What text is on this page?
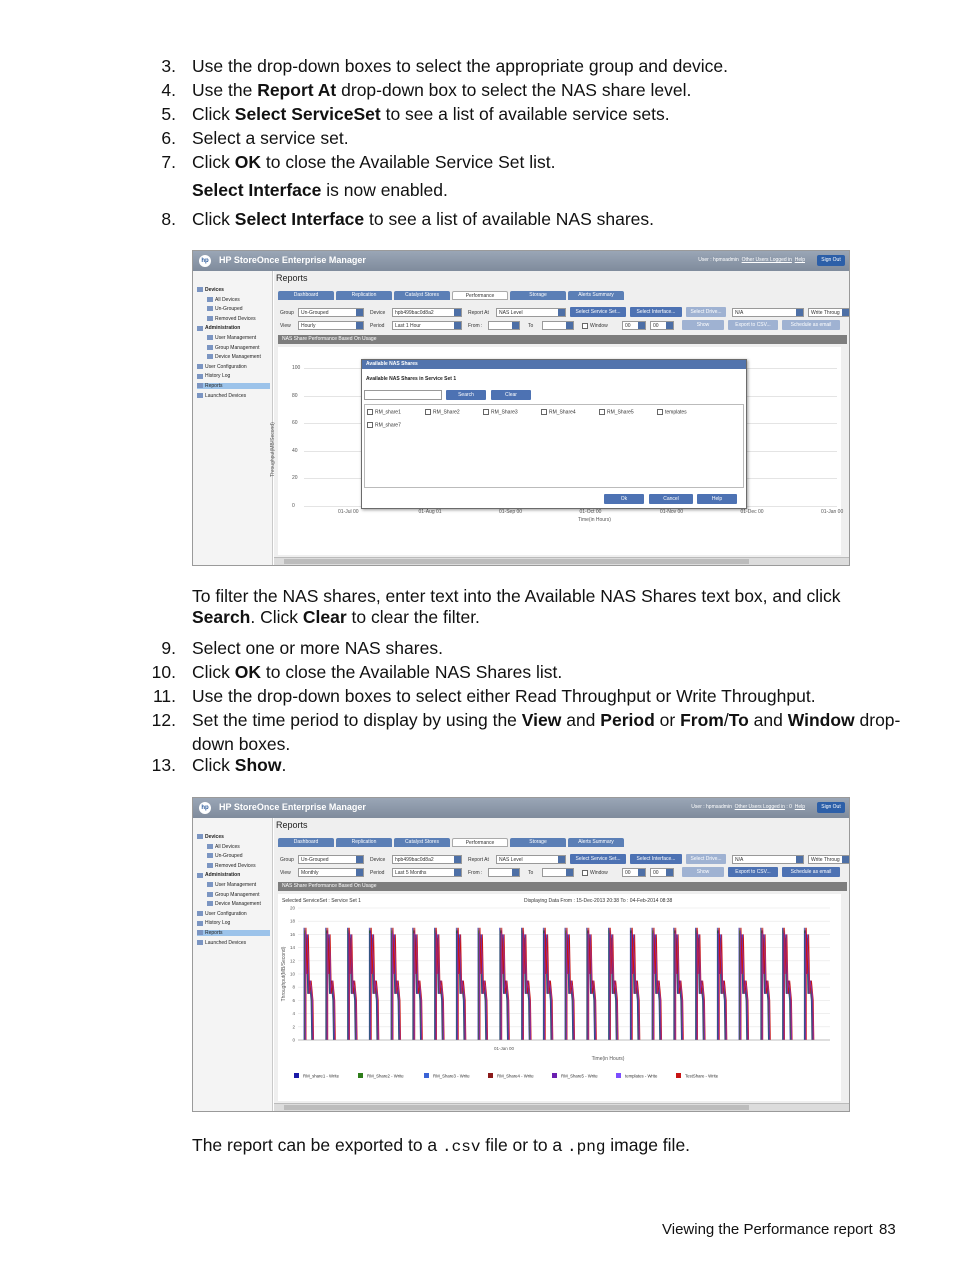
3. Use the drop-down boxes to select the appropriate group and device.
4. Use the Report At drop-down box to select the NAS share level.
5. Click Select ServiceSet to see a list of available service sets.
6. Select a service set.
7. Click OK to close the Available Service Set list.
Select Interface is now enabled.
8. Click Select Interface to see a list of available NAS shares.
To filter the NAS shares, enter text into the Available NAS Shares text box, and click Search. Click Clear to clear the filter.
9. Select one or more NAS shares.
10. Click OK to close the Available NAS Shares list.
11. Use the drop-down boxes to select either Read Throughput or Write Throughput.
12. Set the time period to display by using the View and Period or From/To and Window drop-down boxes.
13. Click Show.
The report can be exported to a .csv file or to a .png image file.
hp HP StoreOnce Enterprise Manager	User : hpmsadmin Other Users Logged in Help	Sign Out
Devices
All Devices
Un-Grouped
Removed Devices
Administration
User Management
Group Management
Device Management
User Configuration
History Log
Reports
Launched Devices
Reports
Dashboard	Replication	Catalyst Stores	Performance	Storage	Alerts Summary
Group	Un-Grouped	Device	hpb499bac0d8a2	Report At	NAS Level	Select Service Set...	Select Interface...	Select Drive...	N/A	Write Throug
View	Hourly	Period	Last 1 Hour	From :	To	Window	00	00	Show	Export to CSV...	Schedule as email
NAS Share Performance Based On Usage
Throughput(MB/Second)
100
80
60
40
20
0
01-Jul 00	01-Aug 01	01-Sep 00	01-Oct 00	01-Nov 00	01-Dec 00	01-Jan 00
Time(in Hours)
Available NAS Shares
Available NAS Shares in Service Set 1
Search	Clear
RM_share1	RM_Share2	RM_Share3	RM_Share4	RM_Share5	templates
RM_share7
Ok	Cancel	Help
hp HP StoreOnce Enterprise Manager	User : hpmsadmin Other Users Logged in : 0 Help	Sign Out
Devices
All Devices
Un-Grouped
Removed Devices
Administration
User Management
Group Management
Device Management
User Configuration
History Log
Reports
Launched Devices
Reports
Dashboard	Replication	Catalyst Stores	Performance	Storage	Alerts Summary
Group	Un-Grouped	Device	hpb499bac0d8a2	Report At	NAS Level	Select Service Set...	Select Interface...	Select Drive...	N/A	Write Throug
View	Monthly	Period	Last 5 Months	From :	To	Window	00	00	Show	Export to CSV...	Schedule as email
NAS Share Performance Based On Usage
Selected ServiceSet : Service Set 1	Displaying Data From : 15-Dec-2013 20:38 To : 04-Feb-2014 08:38
0
2
4
6
8
10
12
14
16
18
20
Throughput(MB/Second)
01-Jan 00
Time(in Hours)
RM_share1 - Write	RM_Share2 - Write	RM_Share3 - Write	RM_Share4 - Write	RM_Share5 - Write	templates - Write	TestShare - Write
Viewing the Performance report 83
